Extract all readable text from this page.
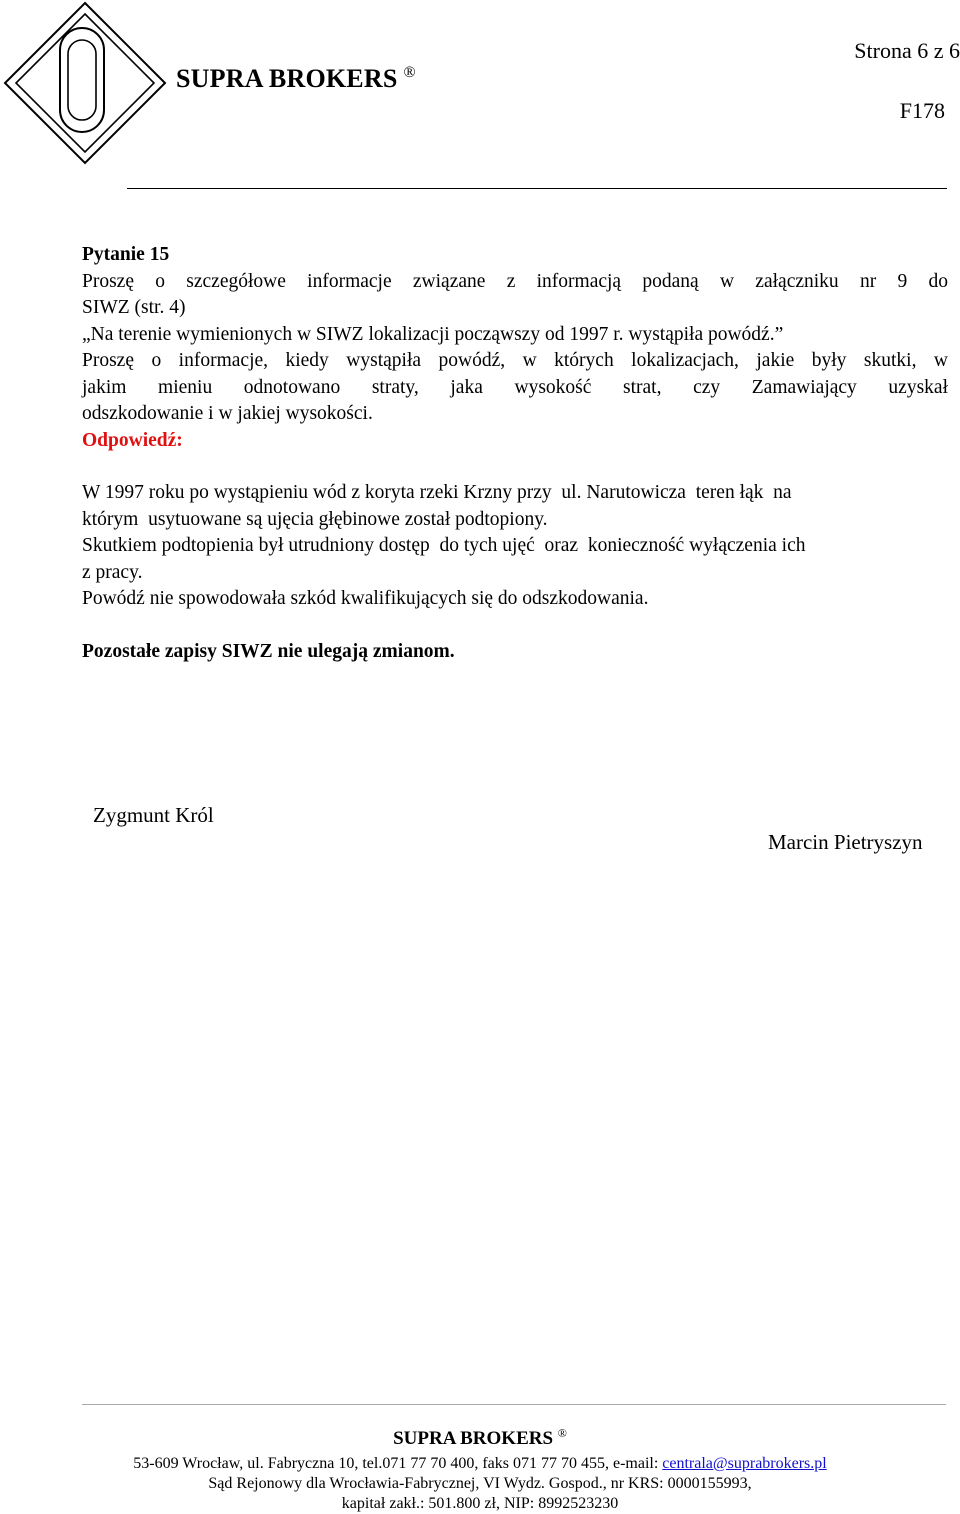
SUPRA BROKERS ®
Strona 6 z 6
F178

Pytanie 15

Proszę o szczegółowe informacje związane z informacją podaną w załączniku nr 9 do

SIWZ (str. 4)

„Na terenie wymienionych w SIWZ lokalizacji począwszy od 1997 r. wystąpiła powódź.”

Proszę o informacje, kiedy wystąpiła powódź, w których lokalizacjach, jakie były skutki, w

jakim mieniu odnotowano straty, jaka wysokość strat, czy Zamawiający uzyskał

odszkodowanie i w jakiej wysokości.

Odpowiedź:

W 1997 roku po wystąpieniu wód z koryta rzeki Krzny przy  ul. Narutowicza  teren łąk  na

którym  usytuowane są ujęcia głębinowe został podtopiony.

Skutkiem podtopienia był utrudniony dostęp  do tych ujęć  oraz  konieczność wyłączenia ich

z pracy.

Powódź nie spowodowała szkód kwalifikujących się do odszkodowania.

Pozostałe zapisy SIWZ nie ulegają zmianom.

Zygmunt Król
Marcin Pietryszyn
SUPRA BROKERS ®
53-609 Wrocław, ul. Fabryczna 10, tel.071 77 70 400, faks 071 77 70 455, e-mail: centrala@suprabrokers.pl
Sąd Rejonowy dla Wrocławia-Fabrycznej, VI Wydz. Gospod., nr KRS: 0000155993,
kapitał zakł.: 501.800 zł, NIP: 8992523230
